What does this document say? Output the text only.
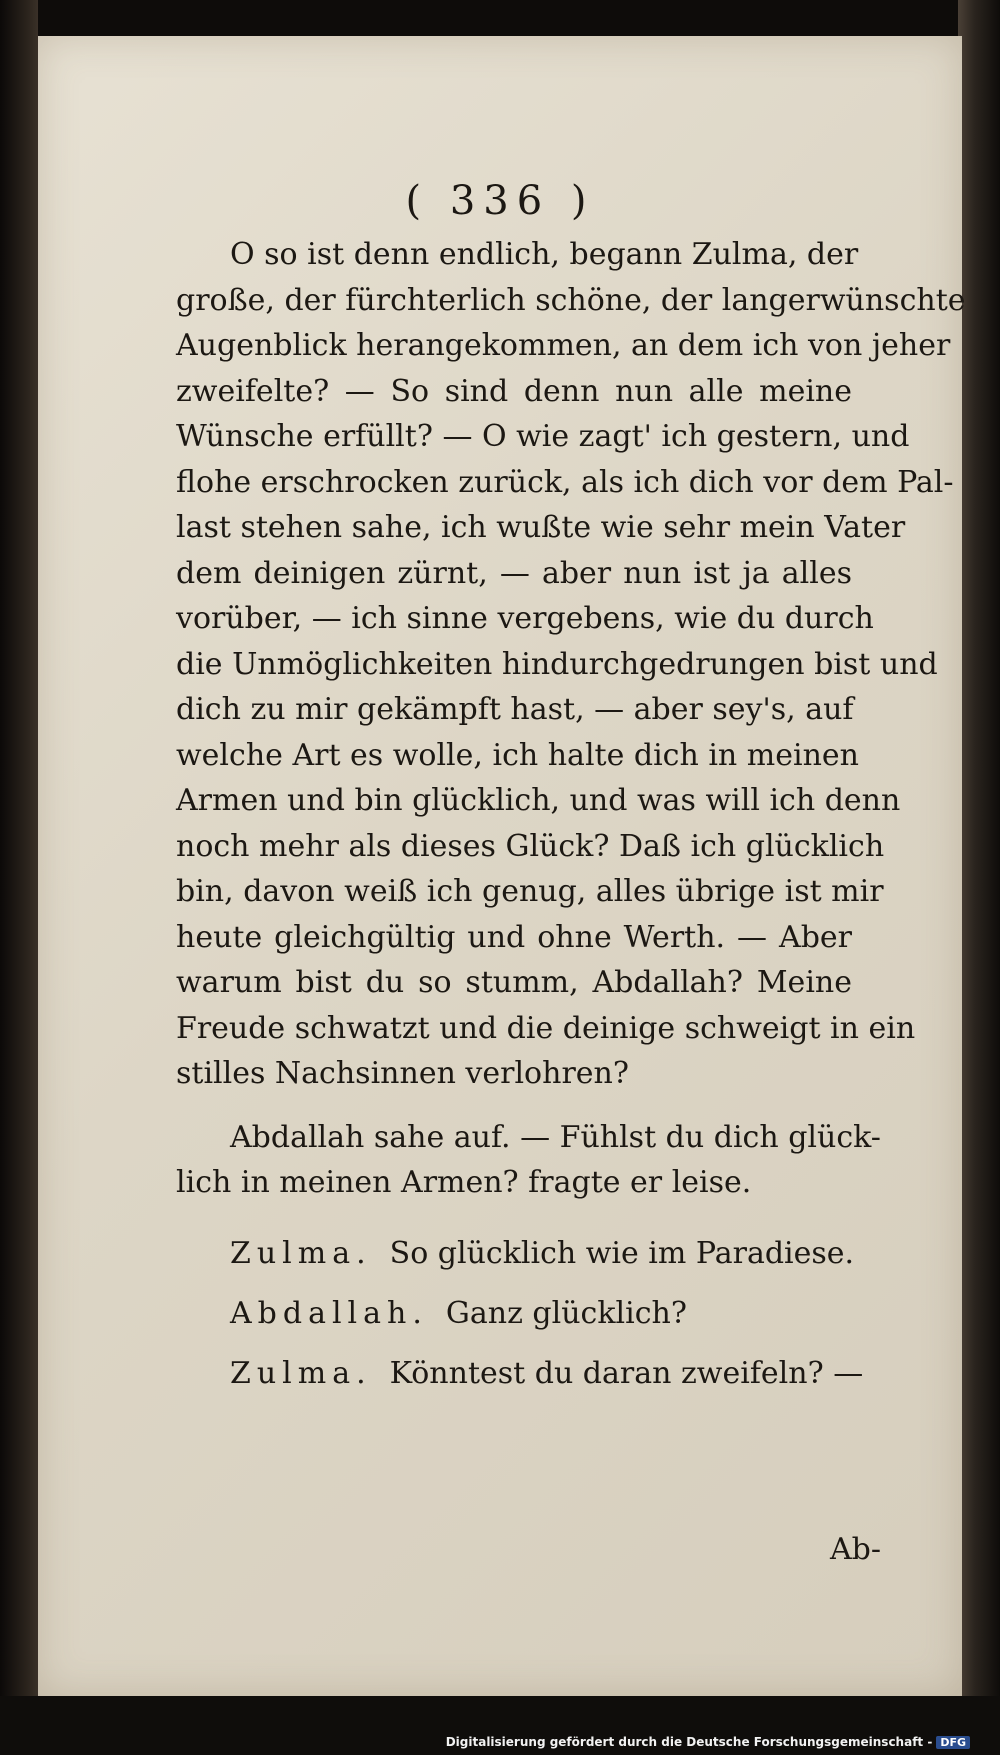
( 336 )
O so ist denn endlich, begann Zulma, der
große, der fürchterlich schöne, der langerwünschte
Augenblick herangekommen, an dem ich von jeher
zweifelte? — So sind denn nun alle meine
Wünsche erfüllt? — O wie zagt' ich gestern, und
flohe erschrocken zurück, als ich dich vor dem Pal-
last stehen sahe, ich wußte wie sehr mein Vater
dem deinigen zürnt, — aber nun ist ja alles
vorüber, — ich sinne vergebens, wie du durch
die Unmöglichkeiten hindurchgedrungen bist und
dich zu mir gekämpft hast, — aber sey's, auf
welche Art es wolle, ich halte dich in meinen
Armen und bin glücklich, und was will ich denn
noch mehr als dieses Glück? Daß ich glücklich
bin, davon weiß ich genug, alles übrige ist mir
heute gleichgültig und ohne Werth. — Aber
warum bist du so stumm, Abdallah? Meine
Freude schwatzt und die deinige schweigt in ein
stilles Nachsinnen verlohren?
Abdallah sahe auf. — Fühlst du dich glück-
lich in meinen Armen? fragte er leise.
Zulma. So glücklich wie im Paradiese.
Abdallah. Ganz glücklich?
Zulma. Könntest du daran zweifeln? —
Ab-
Digitalisierung gefördert durch die Deutsche Forschungsgemeinschaft - DFG
